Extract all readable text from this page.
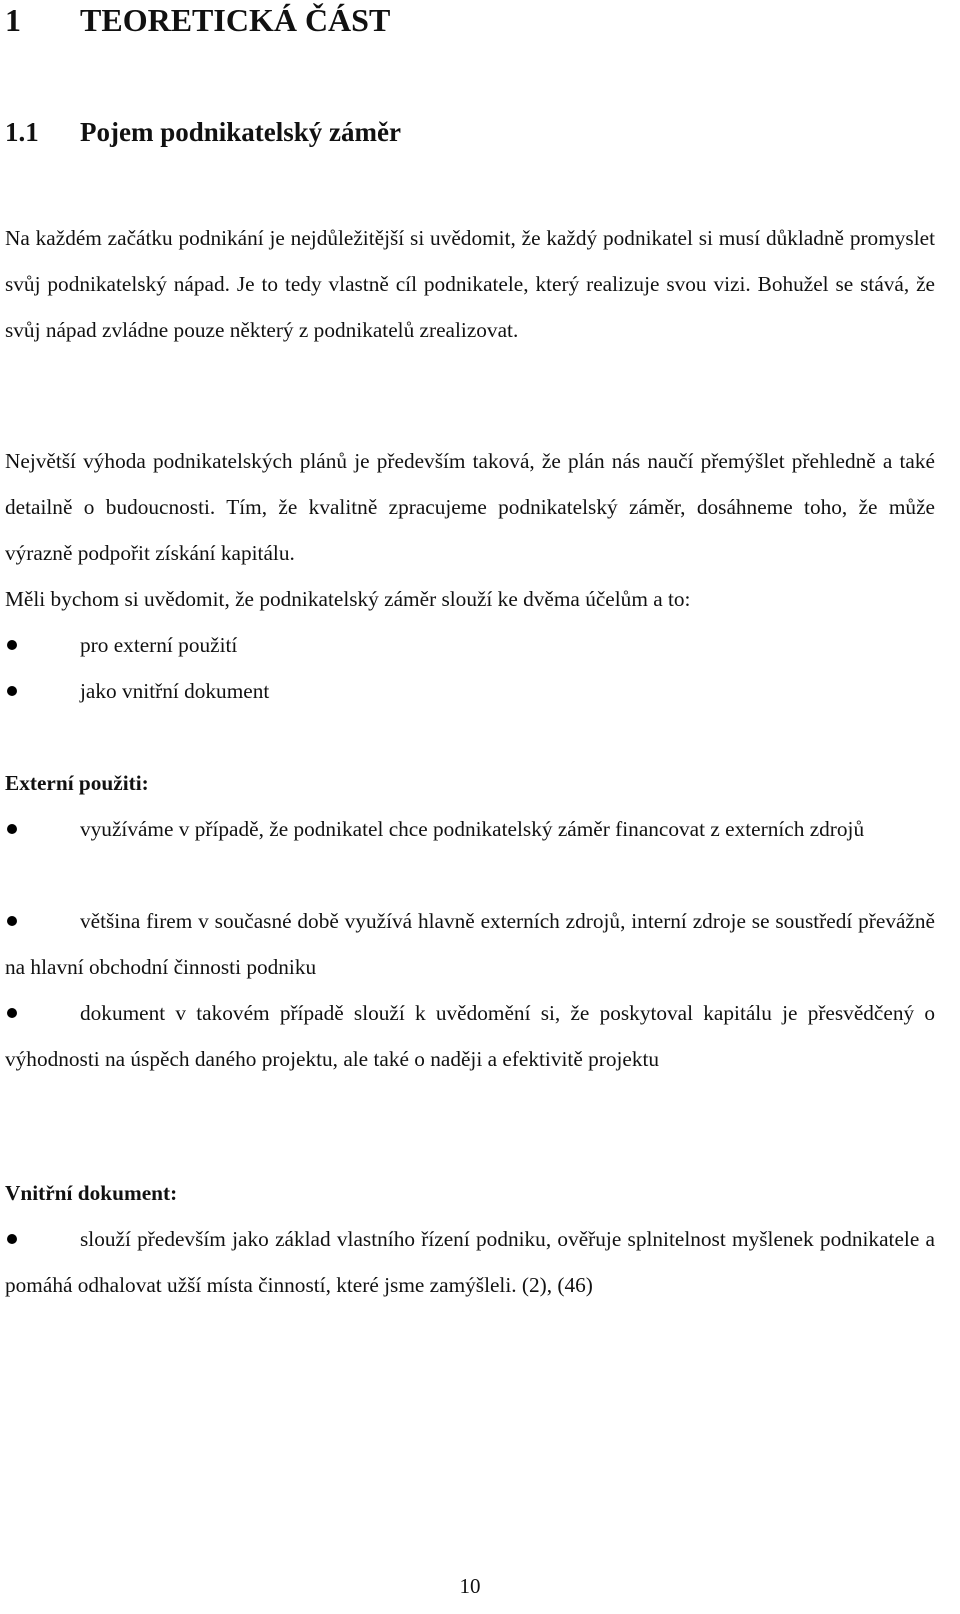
1 TEORETICKÁ ČÁST
1.1 Pojem podnikatelský záměr
Na každém začátku podnikání je nejdůležitější si uvědomit, že každý podnikatel si musí důkladně promyslet svůj podnikatelský nápad. Je to tedy vlastně cíl podnikatele, který realizuje svou vizi. Bohužel se stává, že svůj nápad zvládne pouze některý z podnikatelů zrealizovat.
Největší výhoda podnikatelských plánů je především taková, že plán nás naučí přemýšlet přehledně a také detailně o budoucnosti. Tím, že kvalitně zpracujeme podnikatelský záměr, dosáhneme toho, že může výrazně podpořit získání kapitálu.
Měli bychom si uvědomit, že podnikatelský záměr slouží ke dvěma účelům a to:
pro externí použití
jako vnitřní dokument
Externí použiti:
využíváme v případě, že podnikatel chce podnikatelský záměr financovat z externích zdrojů
většina firem v současné době využívá hlavně externích zdrojů, interní zdroje se soustředí převážně na hlavní obchodní činnosti podniku
dokument v takovém případě slouží k uvědomění si, že poskytoval kapitálu je přesvědčený o výhodnosti na úspěch daného projektu, ale také o naději a efektivitě projektu
Vnitřní dokument:
slouží především jako základ vlastního řízení podniku, ověřuje splnitelnost myšlenek podnikatele a pomáhá odhalovat užší místa činností, které jsme zamýšleli. (2), (46)
10
